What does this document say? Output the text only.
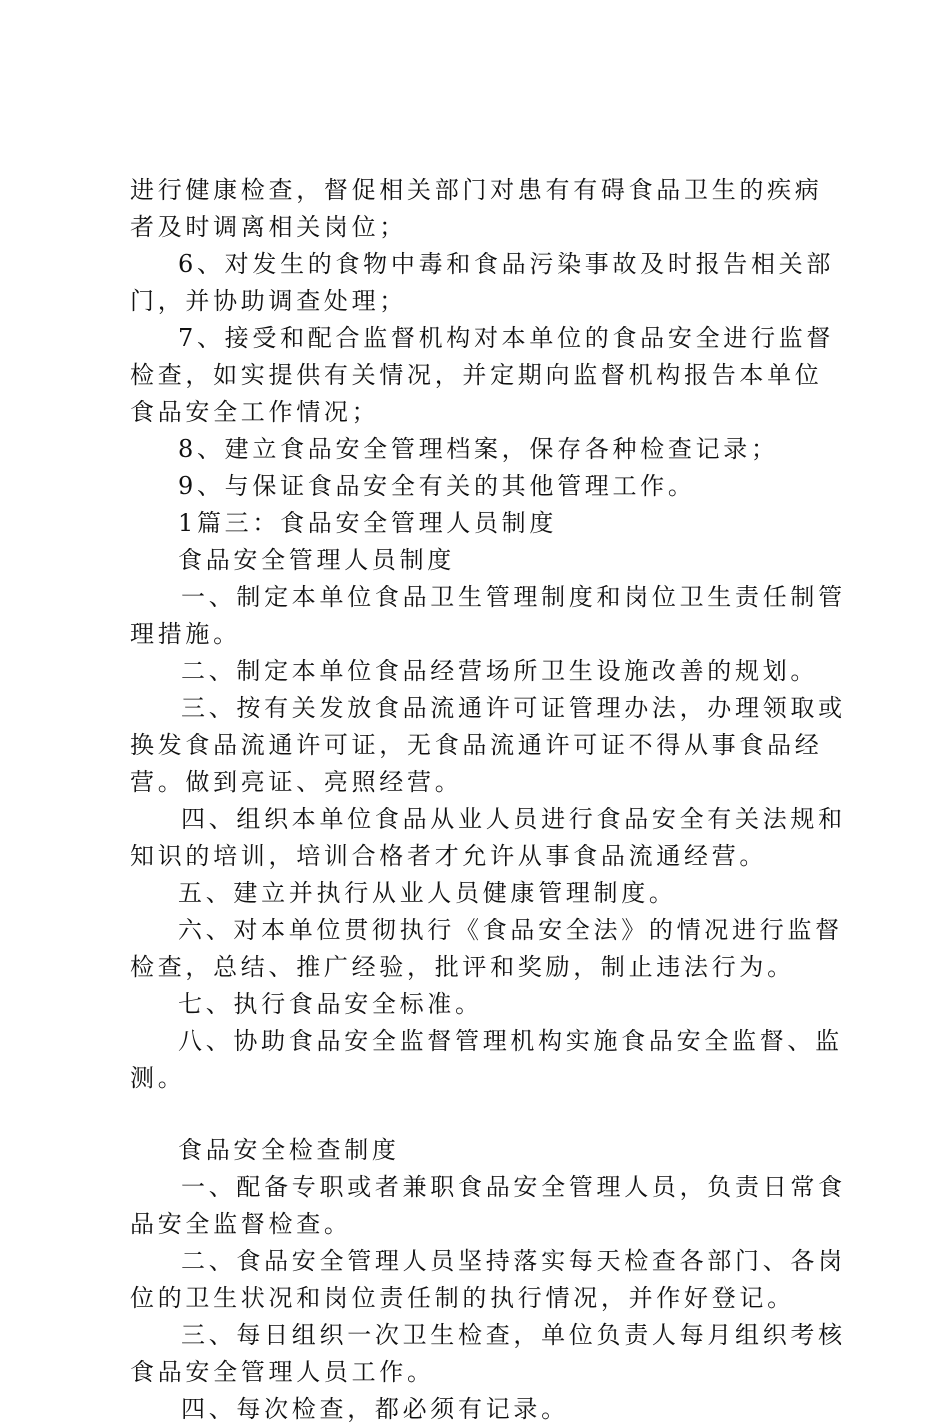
进行健康检查，督促相关部门对患有有碍食品卫生的疾病者及时调离相关岗位；

6、对发生的食物中毒和食品污染事故及时报告相关部门，并协助调查处理；

7、接受和配合监督机构对本单位的食品安全进行监督检查，如实提供有关情况，并定期向监督机构报告本单位食品安全工作情况；

8、建立食品安全管理档案，保存各种检查记录；

9、与保证食品安全有关的其他管理工作。

1篇三：食品安全管理人员制度

食品安全管理人员制度

一、制定本单位食品卫生管理制度和岗位卫生责任制管理措施。

二、制定本单位食品经营场所卫生设施改善的规划。

三、按有关发放食品流通许可证管理办法，办理领取或换发食品流通许可证，无食品流通许可证不得从事食品经营。做到亮证、亮照经营。

四、组织本单位食品从业人员进行食品安全有关法规和知识的培训，培训合格者才允许从事食品流通经营。

五、建立并执行从业人员健康管理制度。

六、对本单位贯彻执行《食品安全法》的情况进行监督检查，总结、推广经验，批评和奖励，制止违法行为。

七、执行食品安全标准。

八、协助食品安全监督管理机构实施食品安全监督、监测。

食品安全检查制度

一、配备专职或者兼职食品安全管理人员，负责日常食品安全监督检查。

二、食品安全管理人员坚持落实每天检查各部门、各岗位的卫生状况和岗位责任制的执行情况，并作好登记。

三、每日组织一次卫生检查，单位负责人每月组织考核食品安全管理人员工作。

四、每次检查，都必须有记录。
